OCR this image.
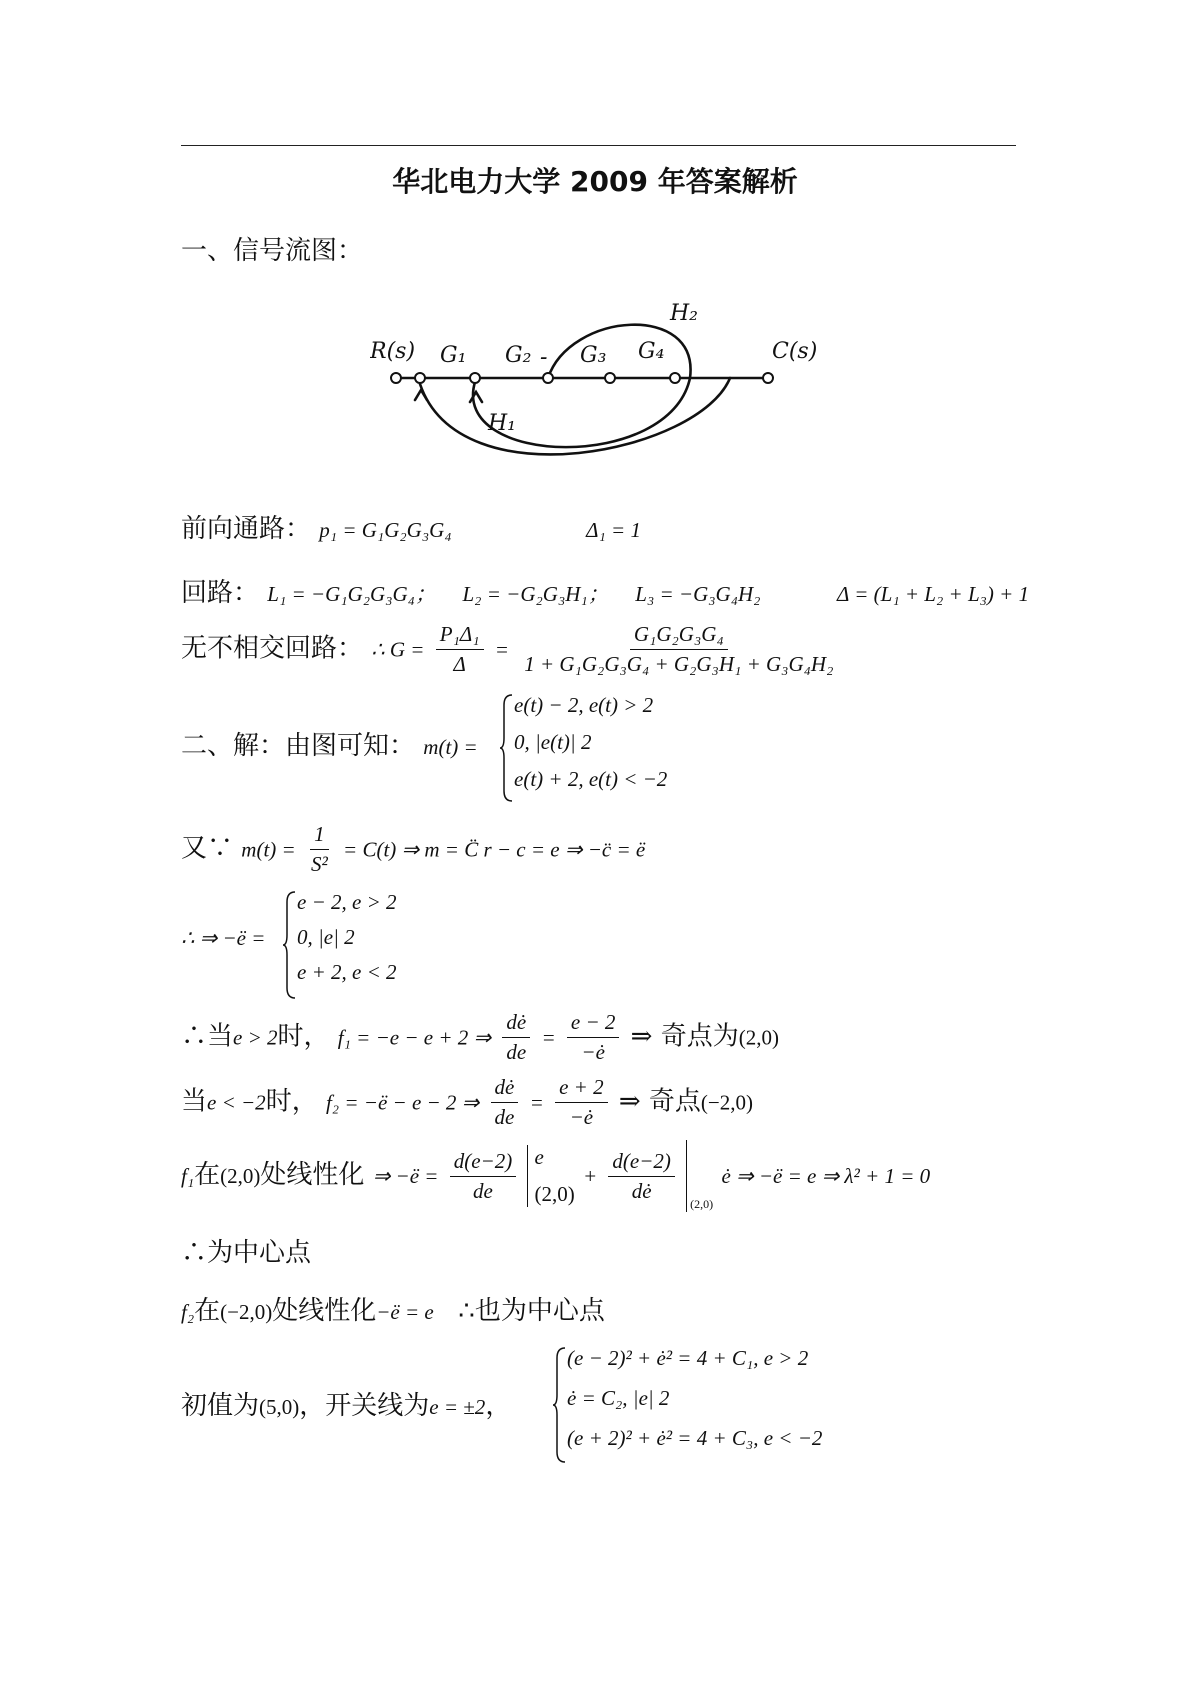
华北电力大学 2009 年答案解析
一、信号流图：
R(s) G₁ G₂ G₃ G₄
H₂
C(s)
H₁
-
前向通路： p₁ = G₁G₂G₃G₄	Δ₁ = 1
回路： L₁ = −G₁G₂G₃G₄； L₂ = −G₂G₃H₁； L₃ = −G₃G₄H₂	Δ = (L₁ + L₂ + L₃) + 1
无不相交回路： ∴ $G = \frac{\text{P₁Δ₁}}{\Delta} = \frac{\text{G₁G₂G₃G₄}}{\text{1 + G₁G₂G₃G₄ + G₂G₃H₁ + G₃G₄H₂}}$
二、解：由图可知： m(t) =
e(t) − 2, e(t) > 2
0, |e(t)| 2
e(t) + 2, e(t) < −2
又∵ $m(t) = \frac{1}{\text{S²}} = C(t)$ ⇒ m = C̈ r − c = e ⇒ −c̈ = ë
∴ ⇒ −ë =
e − 2, e > 2
0, |e| 2
e + 2, e < 2
∴当e > 2时， f₁ = −e − e + 2 ⇒ $\frac{dė}{de} = \frac{e - 2}{-ė}$ ⇒ 奇点为(2,0)
当e < −2时， f₂ = −ë − e − 2 ⇒ $\frac{dė}{de} = \frac{e + 2}{-ė}$ ⇒ 奇点(−2,0)
f₁在(2,0)处线性化 ⇒ −ë = $\frac{d(e-2)}{de}$
e
(2,0)
+ $\frac{d(e-2)}{dė}$

(2,0)
ė ⇒ −ë = e ⇒ λ² + 1 = 0
∴为中心点
f₂在(−2,0)处线性化−ë = e ∴也为中心点
初值为(5,0)，开关线为e = ±2，
(e − 2)² + ė² = 4 + C₁, e > 2
ė = C₂, |e| 2
(e + 2)² + ė² = 4 + C₃, e < −2
